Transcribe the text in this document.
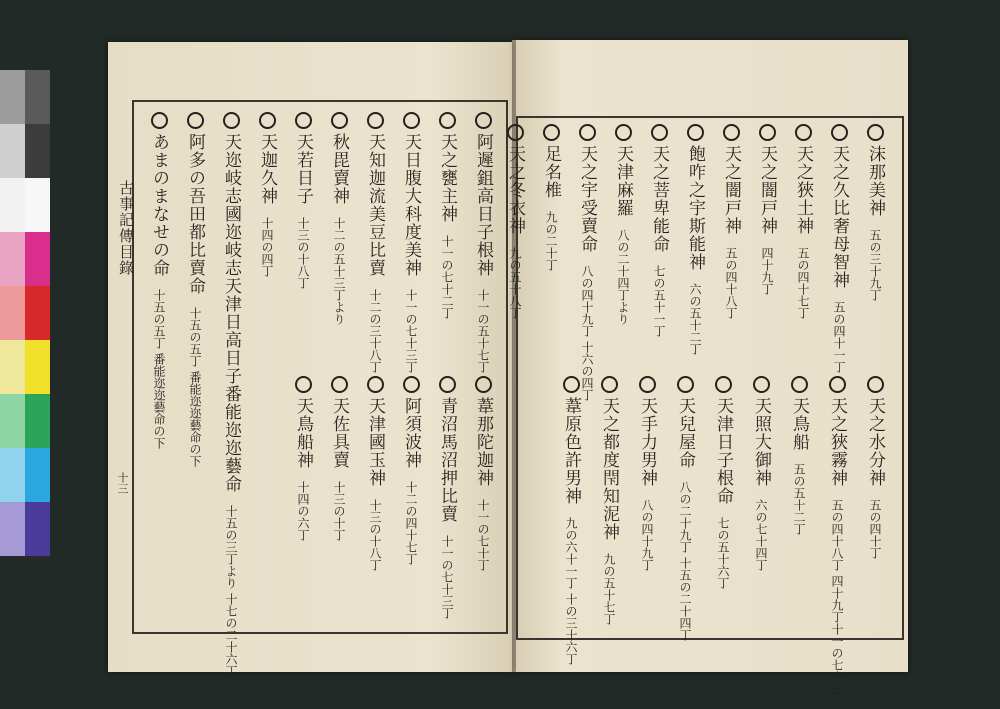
古事記傳目錄
十三
阿遲鉏高日子根神　十一の五十七丁
天之甕主神　十一の七十二丁
天日腹大科度美神　十一の七十三丁
天知迦流美豆比賣　十二の三十八丁
秋毘賣神　十二の五十三丁より
天若日子　十三の十八丁
天迦久神　十四の四丁
天迩岐志國迩岐志天津日高日子番能迩迩藝命　十五の三丁より 十七の二十六丁
阿多の吾田都比賣命　十五の五丁 番能迩迩藝命の下
あまのまなせの命　十五の五丁 番能迩迩藝命の下	葦那陀迦神　十一の七十丁
青沼馬沼押比賣　十一の七十三丁
阿須波神　十二の四十七丁
天津國玉神　十三の十八丁
天佐具賣　十三の十丁
天鳥船神　十四の六丁
沫那美神　五の三十九丁
天之久比奢母智神　五の四十一丁
天之狹土神　五の四十七丁
天之闇戸神　四十九丁
天之闇戸神　五の四十八丁
飽咋之宇斯能神　六の五十二丁
天之菩卑能命　七の五十一丁
天津麻羅　八の二十四丁より
天之宇受賣命　八の四十九丁 十六の四丁
足名椎　九の二十丁
天之冬衣神　九の五十八丁
天之水分神　五の四十丁
天之狹霧神　五の四十八丁 四十九丁十一の七十五丁
天鳥船　五の五十二丁
天照大御神　六の七十四丁
天津日子根命　七の五十六丁
天兒屋命　八の二十九丁 十五の二十四丁
天手力男神　八の四十九丁
天之都度閇知泥神　九の五十七丁
葦原色許男神　九の六十一丁 十の三十六丁
